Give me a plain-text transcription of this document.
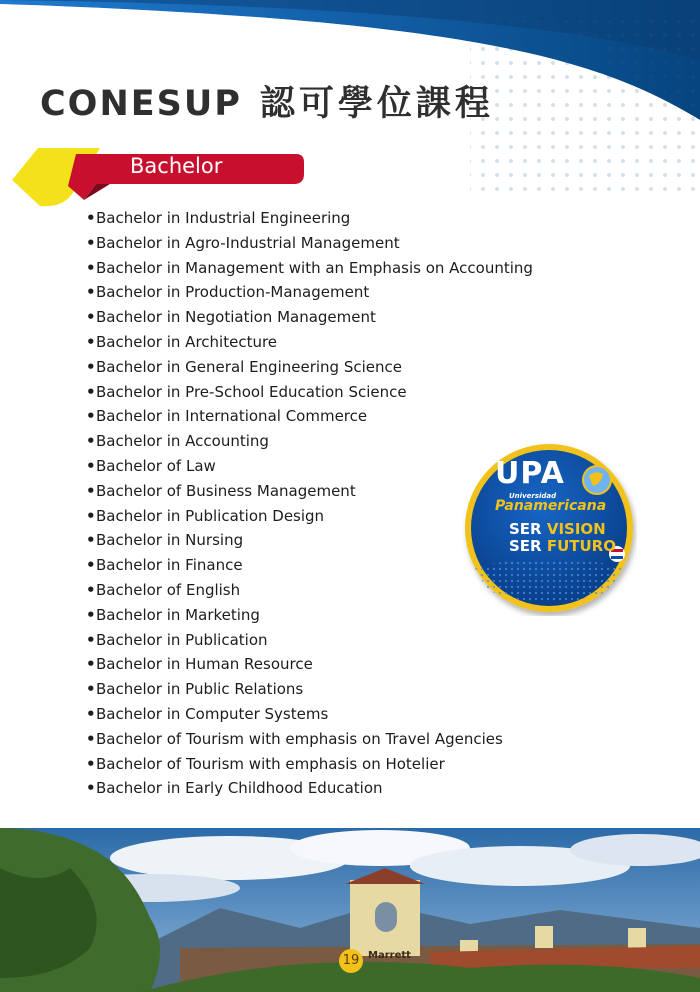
CONESUP 認可學位課程
Bachelor
•Bachelor in Industrial Engineering
•Bachelor in Agro-Industrial Management
•Bachelor in Management with an Emphasis on Accounting
•Bachelor in Production-Management
•Bachelor in Negotiation Management
•Bachelor in Architecture
•Bachelor in General Engineering Science
•Bachelor in Pre-School Education Science
•Bachelor in International Commerce
•Bachelor in Accounting
•Bachelor of Law
•Bachelor of Business Management
•Bachelor in Publication Design
•Bachelor in Nursing
•Bachelor in Finance
•Bachelor of English
•Bachelor in Marketing
•Bachelor in Publication
•Bachelor in Human Resource
•Bachelor in Public Relations
•Bachelor in Computer Systems
•Bachelor of Tourism with emphasis on Travel Agencies
•Bachelor of Tourism with emphasis on Hotelier
•Bachelor in Early Childhood Education
UPA
Universidad
Panamericana
SER VISION
SER FUTURO
19 Marrett
